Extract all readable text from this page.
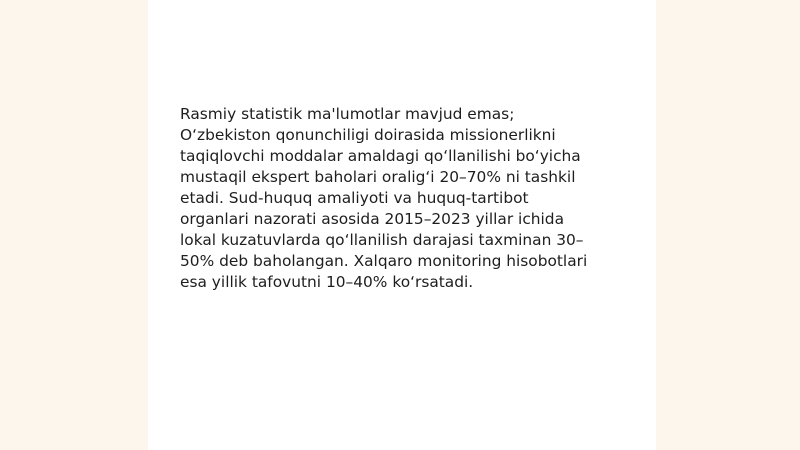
Rasmiy statistik ma'lumotlar mavjud emas;
O‘zbekiston qonunchiligi doirasida missionerlikni
taqiqlovchi moddalar amaldagi qo‘llanilishi bo‘yicha
mustaqil ekspert baholari oralig‘i 20–70% ni tashkil
etadi. Sud-huquq amaliyoti va huquq-tartibot
organlari nazorati asosida 2015–2023 yillar ichida
lokal kuzatuvlarda qo‘llanilish darajasi taxminan 30–
50% deb baholangan. Xalqaro monitoring hisobotlari
esa yillik tafovutni 10–40% ko‘rsatadi.
